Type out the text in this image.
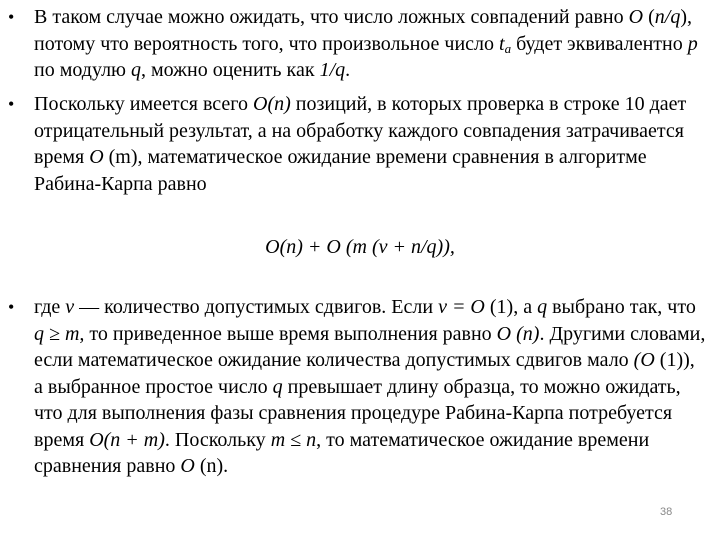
• В таком случае можно ожидать, что число ложных совпадений равно O (n/q), потому что вероятность того, что произвольное число $t_a$ будет эквивалентно p по модулю q, можно оценить как 1/q.
• Поскольку имеется всего O(n) позиций, в которых проверка в строке 10 дает отрицательный результат, а на обработку каждого совпадения затрачивается время O (m), математическое ожидание времени сравнения в алгоритме Рабина-Карпа равно
O(n) + O (m (v + n/q)),
• где v — количество допустимых сдвигов. Если v = O (1), а q выбрано так, что q ≥ m, то приведенное выше время выполнения равно O (n). Другими словами, если математическое ожидание количества допустимых сдвигов мало (O (1)), а выбранное простое число q превышает длину образца, то можно ожидать, что для выполнения фазы сравнения процедуре Рабина-Карпа потребуется время O(n + m). Поскольку m ≤ n, то математическое ожидание времени сравнения равно O (n).
38
